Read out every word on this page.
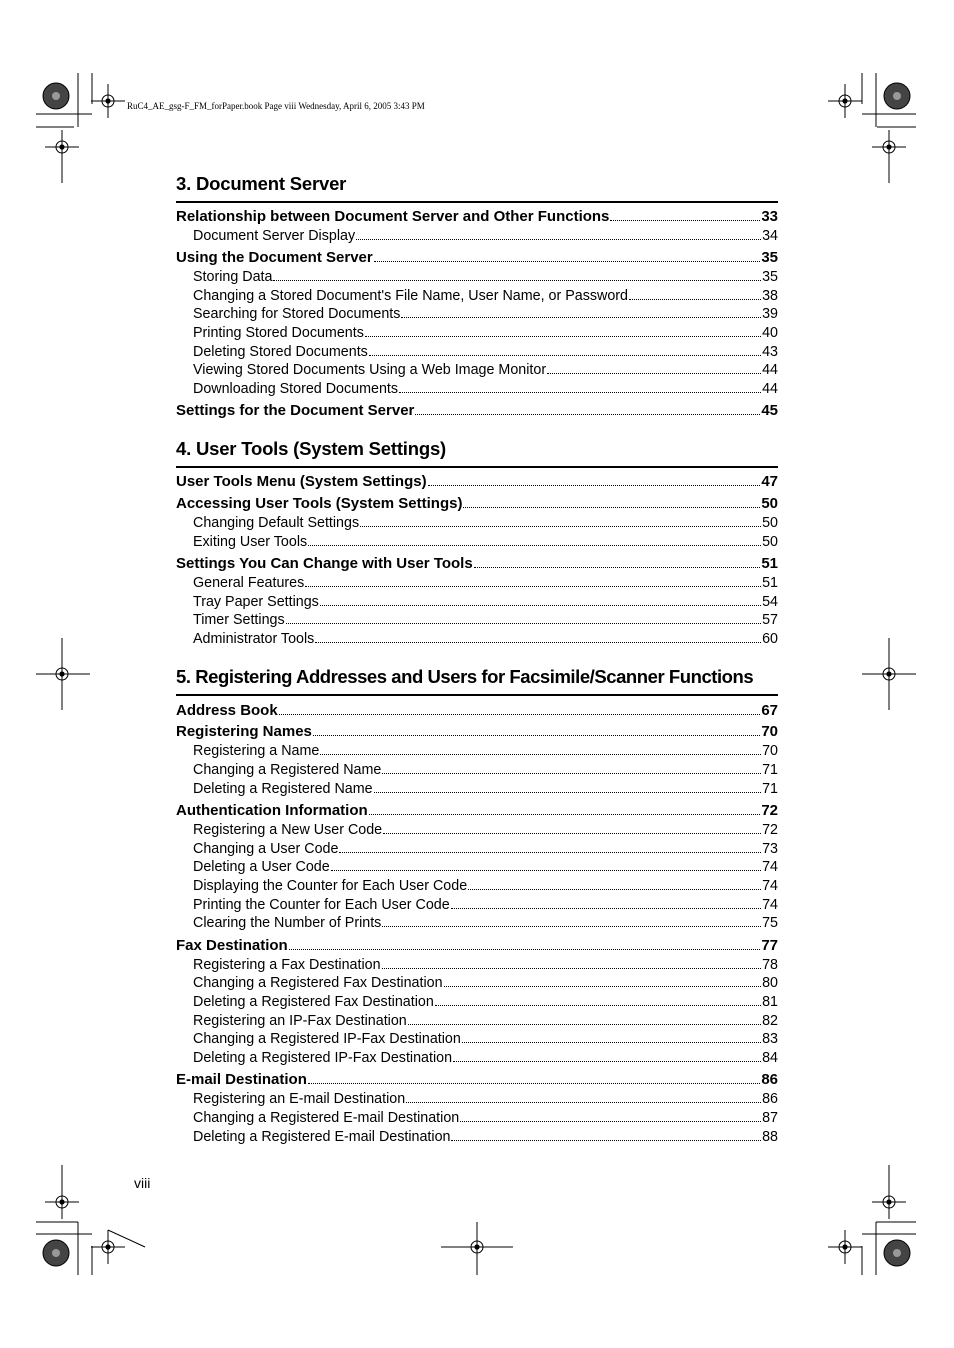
RuC4_AE_gsg-F_FM_forPaper.book Page viii Wednesday, April 6, 2005 3:43 PM
3. Document Server
Relationship between Document Server and Other Functions	33
Document Server Display	34
Using the Document Server	35
Storing Data	35
Changing a Stored Document's File Name, User Name, or Password	38
Searching for Stored Documents	39
Printing Stored Documents	40
Deleting Stored Documents	43
Viewing Stored Documents Using a Web Image Monitor	44
Downloading Stored Documents	44
Settings for the Document Server	45
4. User Tools (System Settings)
User Tools Menu (System Settings)	47
Accessing User Tools (System Settings)	50
Changing Default Settings	50
Exiting User Tools	50
Settings You Can Change with User Tools	51
General Features	51
Tray Paper Settings	54
Timer Settings	57
Administrator Tools	60
5. Registering Addresses and Users for Facsimile/Scanner Functions
Address Book	67
Registering Names	70
Registering a Name	70
Changing a Registered Name	71
Deleting a Registered Name	71
Authentication Information	72
Registering a New User Code	72
Changing a User Code	73
Deleting a User Code	74
Displaying the Counter for Each User Code	74
Printing the Counter for Each User Code	74
Clearing the Number of Prints	75
Fax Destination	77
Registering a Fax Destination	78
Changing a Registered Fax Destination	80
Deleting a Registered Fax Destination	81
Registering an IP-Fax Destination	82
Changing a Registered IP-Fax Destination	83
Deleting a Registered IP-Fax Destination	84
E-mail Destination	86
Registering an E-mail Destination	86
Changing a Registered E-mail Destination	87
Deleting a Registered E-mail Destination	88
viii
